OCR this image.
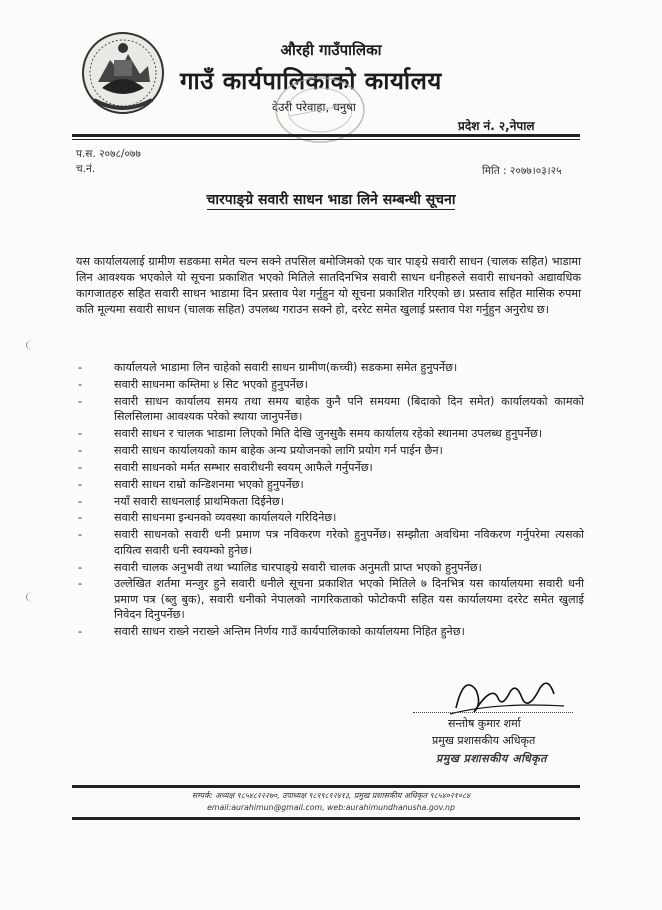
औरही गाउँपालिका
गाउँ कार्यपालिकाको कार्यालय
देउरी परेवाहा, धनुषा
प्रदेश नं. २,नेपाल
प.स. २०७८/०७७
च.नं.	मिति : २०७७।०३।२५
चारपाङ्ग्रे सवारी साधन भाडा लिने सम्बन्धी सूचना
यस कार्यालयलाई ग्रामीण सडकमा समेत चल्न सक्ने तपसिल बमोजिमको एक चार पाङ्ग्रे सवारी साधन (चालक सहित) भाडामा लिन आवश्यक भएकोले यो सूचना प्रकाशित भएको मितिले सातदिनभित्र सवारी साधन धनीहरुले सवारी साधनको अद्यावधिक कागजातहरु सहित सवारी साधन भाडामा दिन प्रस्ताव पेश गर्नुहुन यो सूचना प्रकाशित गरिएको छ। प्रस्ताव सहित मासिक रुपमा कति मूल्यमा सवारी साधन (चालक सहित) उपलब्ध गराउन सक्ने हो, दररेट समेत खुलाई प्रस्ताव पेश गर्नुहुन अनुरोध छ।
-	कार्यालयले भाडामा लिन चाहेको सवारी साधन ग्रामीण(कच्ची) सडकमा समेत हुनुपर्नेछ।
-	सवारी साधनमा कम्तिमा ४ सिट भएको हुनुपर्नेछ।
-	सवारी साधन कार्यालय समय तथा समय बाहेक कुनै पनि समयमा (बिदाको दिन समेत) कार्यालयको कामको सिलसिलामा आवश्यक परेको स्थाया जानुपर्नेछ।
-	सवारी साधन र चालक भाडामा लिएको मिति देखि जुनसुकै समय कार्यालय रहेको स्थानमा उपलब्ध हुनुपर्नेछ।
-	सवारी साधन कार्यालयको काम बाहेक अन्य प्रयोजनको लागि प्रयोग गर्न पाईन छैन।
-	सवारी साधनको मर्मत सम्भार सवारीधनी स्वयम् आफैले गर्नुपर्नेछ।
-	सवारी साधन राम्रो कन्डिशनमा भएको हुनुपर्नेछ।
-	नयाँ सवारी साधनलाई प्राथमिकता दिईनेछ।
-	सवारी साधनमा इन्धनको व्यवस्था कार्यालयले गरिदिनेछ।
-	सवारी साधनको सवारी धनी प्रमाण पत्र नविकरण गरेको हुनुपर्नेछ। सम्झौता अवधिमा नविकरण गर्नुपरेमा त्यसको दायित्व सवारी धनी स्वयम्को हुनेछ।
-	सवारी चालक अनुभवी तथा भ्यालिड चारपाङ्ग्रे सवारी चालक अनुमती प्राप्त भएको हुनुपर्नेछ।
-	उल्लेखित शर्तमा मन्जुर हुने सवारी धनीले सूचना प्रकाशित भएको मितिले ७ दिनभित्र यस कार्यालयमा सवारी धनी प्रमाण पत्र (ब्लु बुक), सवारी धनीको नेपालको नागरिकताको फोटोकपी सहित यस कार्यालयमा दररेट समेत खुलाई निवेदन दिनुपर्नेछ।
-	सवारी साधन राख्ने नराख्ने अन्तिम निर्णय गाउँ कार्यपालिकाको कार्यालयमा निहित हुनेछ।
सन्तोष कुमार शर्मा
प्रमुख प्रशासकीय अधिकृत
प्रमुख प्रशासकीय अधिकृत
सम्पर्क: अध्यक्ष ९८५४८२२२७०, उपाध्यक्ष ९८१९८१२४१३, प्रमुख प्रशासकीय अधिकृत ९८५४०२१०८४
email:aurahimun@gmail.com, web:aurahimundhanusha.gov.np
